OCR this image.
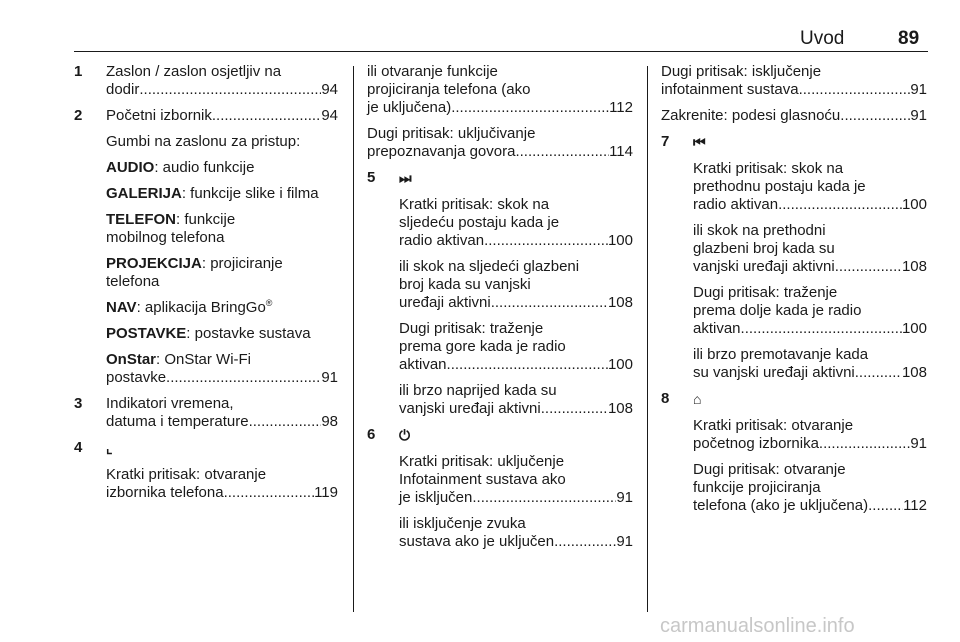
Uvod	89
1 Zaslon / zaslon osjetljiv na
dodir .....	94
2 Početni izbornik .....	94
Gumbi na zaslonu za pristup:
AUDIO: audio funkcije
GALERIJA: funkcije slike i filma
TELEFON: funkcije
mobilnog telefona
PROJEKCIJA: projiciranje
telefona
NAV: aplikacija BringGo®
POSTAVKE: postavke sustava
OnStar: OnStar Wi-Fi
postavke .....	91
3 Indikatori vremena,
datuma i temperature .....	98
4 ⌞
Kratki pritisak: otvaranje
izbornika telefona .....	119
ili otvaranje funkcije
projiciranja telefona (ako
je uključena) .....	112
Dugi pritisak: uključivanje
prepoznavanja govora .....	114
5 ⏭
Kratki pritisak: skok na
sljedeću postaju kada je
radio aktivan .....	100
ili skok na sljedeći glazbeni
broj kada su vanjski
uređaji aktivni .....	108
Dugi pritisak: traženje
prema gore kada je radio
aktivan .....	100
ili brzo naprijed kada su
vanjski uređaji aktivni .....	108
6 ⏻
Kratki pritisak: uključenje
Infotainment sustava ako
je isključen .....	91
ili isključenje zvuka
sustava ako je uključen .....	91
Dugi pritisak: isključenje
infotainment sustava .....	91
Zakrenite: podesi glasnoću .....	91
7 ⏮
Kratki pritisak: skok na
prethodnu postaju kada je
radio aktivan .....	100
ili skok na prethodni
glazbeni broj kada su
vanjski uređaji aktivni .....	108
Dugi pritisak: traženje
prema dolje kada je radio
aktivan .....	100
ili brzo premotavanje kada
su vanjski uređaji aktivni .....	108
8 ⌂
Kratki pritisak: otvaranje
početnog izbornika .....	91
Dugi pritisak: otvaranje
funkcije projiciranja
telefona (ako je uključena) ..... 112
carmanualsonline.info
